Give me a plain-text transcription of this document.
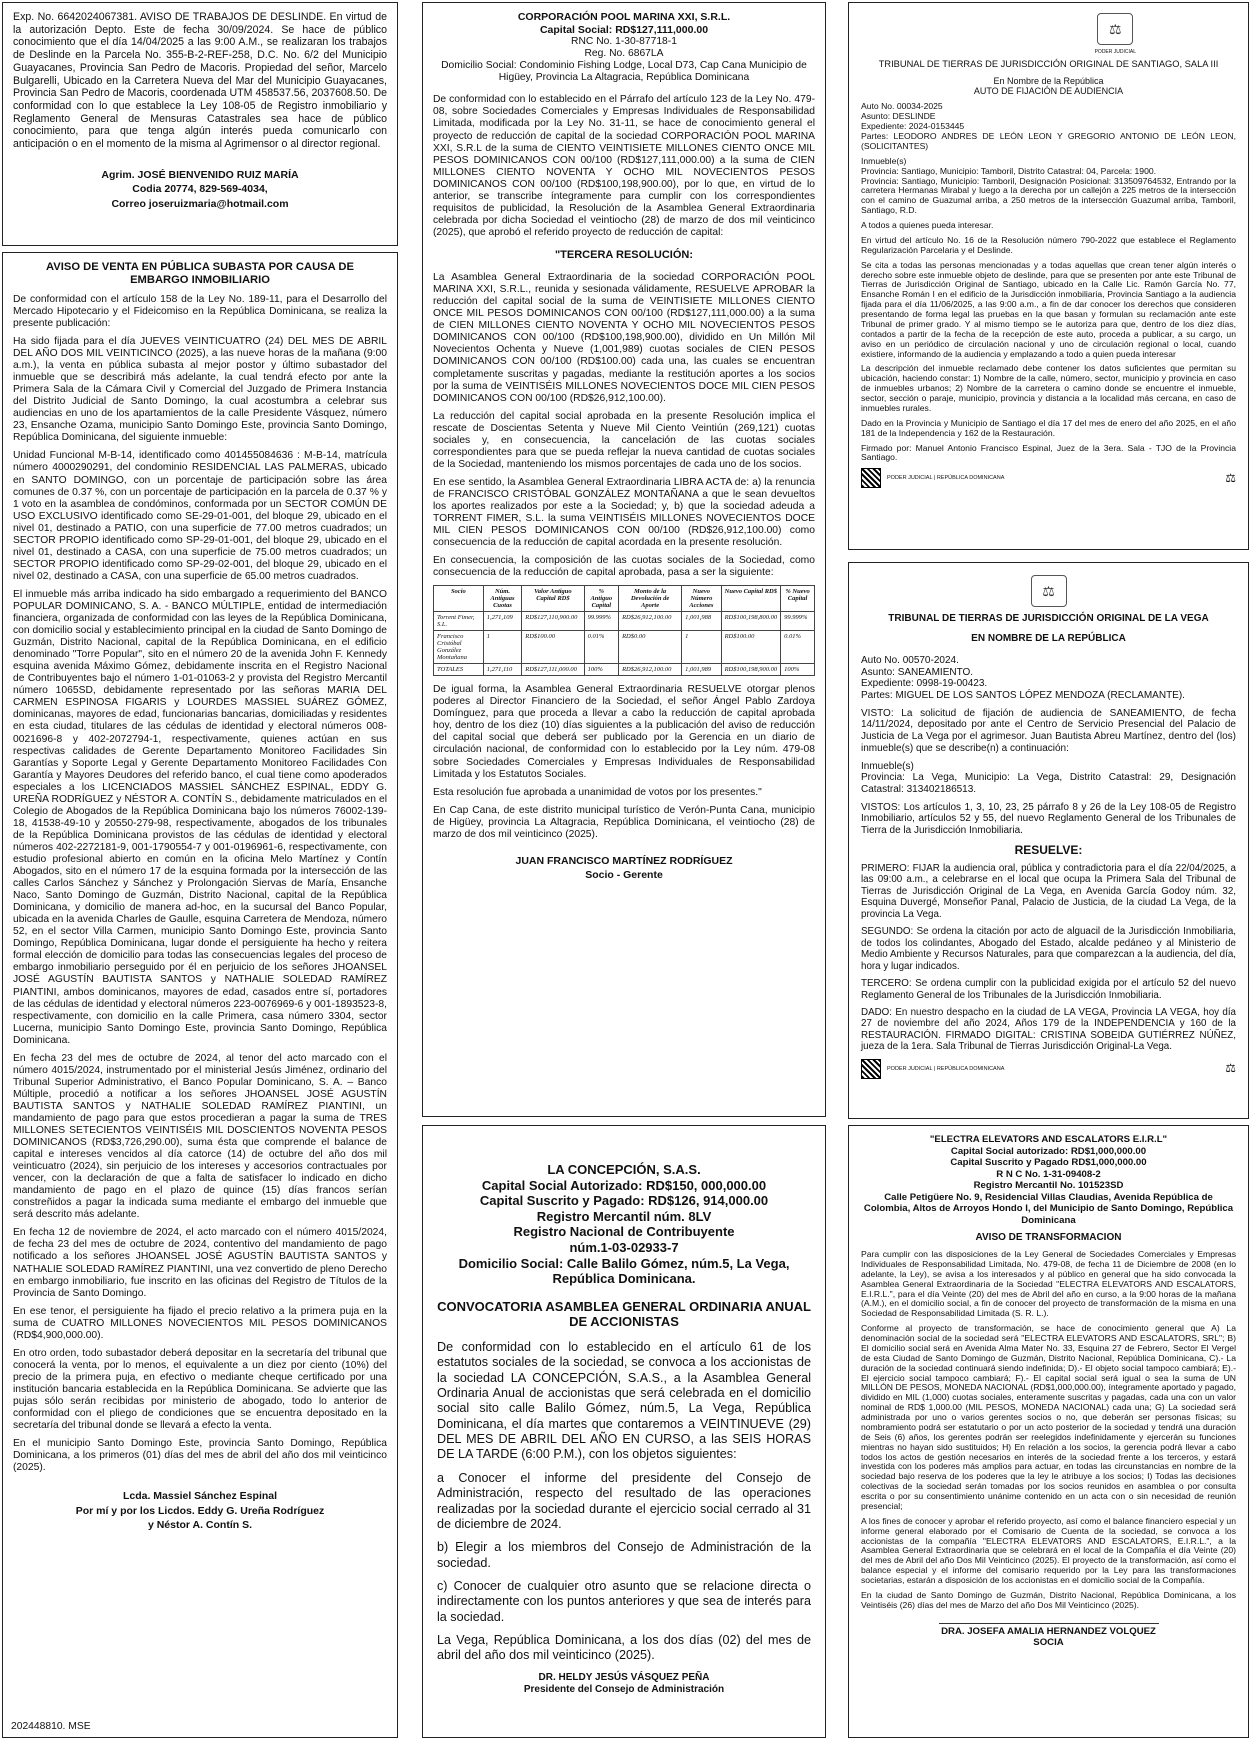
Exp. No. 6642024067381. AVISO DE TRABAJOS DE DESLINDE. En virtud de la autorización Depto. Este de fecha 30/09/2024. Se hace de público conocimiento que el día 14/04/2025 a las 9:00 A.M., se realizaran los trabajos de Deslinde en la Parcela No. 355-B-2-REF-258, D.C. No. 6/2 del Municipio Guayacanes, Provincia San Pedro de Macoris. Propiedad del señor, Marcelo Bulgarelli, Ubicado en la Carretera Nueva del Mar del Municipio Guayacanes, Provincia San Pedro de Macoris, coordenada UTM 458537.56, 2037608.50. De conformidad con lo que establece la Ley 108-05 de Registro inmobiliario y Reglamento General de Mensuras Catastrales sea hace de público conocimiento, para que tenga algún interés pueda comunicarlo con anticipación o en el momento de la misma al Agrimensor o al director regional.

Agrim. JOSÉ BIENVENIDO RUIZ MARÍA

Codia 20774, 829-569-4034,

Correo joseruizmaria@hotmail.com

AVISO DE VENTA EN PÚBLICA SUBASTA POR CAUSA DE EMBARGO INMOBILIARIO

De conformidad con el artículo 158 de la Ley No. 189-11, para el Desarrollo del Mercado Hipotecario y el Fideicomiso en la República Dominicana, se realiza la presente publicación:

Ha sido fijada para el día JUEVES VEINTICUATRO (24) DEL MES DE ABRIL DEL AÑO DOS MIL VEINTICINCO (2025), a las nueve horas de la mañana (9:00 a.m.), la venta en pública subasta al mejor postor y último subastador del inmueble que se describirá más adelante, la cual tendrá efecto por ante la Primera Sala de la Cámara Civil y Comercial del Juzgado de Primera Instancia del Distrito Judicial de Santo Domingo, la cual acostumbra a celebrar sus audiencias en uno de los apartamientos de la calle Presidente Vásquez, número 23, Ensanche Ozama, municipio Santo Domingo Este, provincia Santo Domingo, República Dominicana, del siguiente inmueble:

Unidad Funcional M-B-14, identificado como 401455084636 : M-B-14, matrícula número 4000290291, del condominio RESIDENCIAL LAS PALMERAS, ubicado en SANTO DOMINGO, con un porcentaje de participación sobre las área comunes de 0.37 %, con un porcentaje de participación en la parcela de 0.37 % y 1 voto en la asamblea de condóminos, conformada por un SECTOR COMÚN DE USO EXCLUSIVO identificado como SE-29-01-001, del bloque 29, ubicado en el nivel 01, destinado a PATIO, con una superficie de 77.00 metros cuadrados; un SECTOR PROPIO identificado como SP-29-01-001, del bloque 29, ubicado en el nivel 01, destinado a CASA, con una superficie de 75.00 metros cuadrados; un SECTOR PROPIO identificado como SP-29-02-001, del bloque 29, ubicado en el nivel 02, destinado a CASA, con una superficie de 65.00 metros cuadrados.

El inmueble más arriba indicado ha sido embargado a requerimiento del BANCO POPULAR DOMINICANO, S. A. - BANCO MÚLTIPLE, entidad de intermediación financiera, organizada de conformidad con las leyes de la República Dominicana, con domicilio social y establecimiento principal en la ciudad de Santo Domingo de Guzmán, Distrito Nacional, capital de la República Dominicana, en el edificio denominado "Torre Popular", sito en el número 20 de la avenida John F. Kennedy esquina avenida Máximo Gómez, debidamente inscrita en el Registro Nacional de Contribuyentes bajo el número 1-01-01063-2 y provista del Registro Mercantil número 1065SD, debidamente representado por las señoras MARIA DEL CARMEN ESPINOSA FIGARIS y LOURDES MASSIEL SUÁREZ GÓMEZ, dominicanas, mayores de edad, funcionarias bancarias, domiciliadas y residentes en esta ciudad, titulares de las cédulas de identidad y electoral números 008-0021696-8 y 402-2072794-1, respectivamente, quienes actúan en sus respectivas calidades de Gerente Departamento Monitoreo Facilidades Sin Garantías y Soporte Legal y Gerente Departamento Monitoreo Facilidades Con Garantía y Mayores Deudores del referido banco, el cual tiene como apoderados especiales a los LICENCIADOS MASSIEL SÁNCHEZ ESPINAL, EDDY G. UREÑA RODRÍGUEZ y NÉSTOR A. CONTÍN S., debidamente matriculados en el Colegio de Abogados de la República Dominicana bajo los números 76002-139-18, 41538-49-10 y 20550-279-98, respectivamente, abogados de los tribunales de la República Dominicana provistos de las cédulas de identidad y electoral números 402-2272181-9, 001-1790554-7 y 001-0196961-6, respectivamente, con estudio profesional abierto en común en la oficina Melo Martínez y Contín Abogados, sito en el número 17 de la esquina formada por la intersección de las calles Carlos Sánchez y Sánchez y Prolongación Siervas de María, Ensanche Naco, Santo Domingo de Guzmán, Distrito Nacional, capital de la República Dominicana, y domicilio de manera ad-hoc, en la sucursal del Banco Popular, ubicada en la avenida Charles de Gaulle, esquina Carretera de Mendoza, número 52, en el sector Villa Carmen, municipio Santo Domingo Este, provincia Santo Domingo, República Dominicana, lugar donde el persiguiente ha hecho y reitera formal elección de domicilio para todas las consecuencias legales del proceso de embargo inmobiliario perseguido por él en perjuicio de los señores JHOANSEL JOSÉ AGUSTÍN BAUTISTA SANTOS y NATHALIE SOLEDAD RAMÍREZ PIANTINI, ambos dominicanos, mayores de edad, casados entre sí, portadores de las cédulas de identidad y electoral números 223-0076969-6 y 001-1893523-8, respectivamente, con domicilio en la calle Primera, casa número 3304, sector Lucerna, municipio Santo Domingo Este, provincia Santo Domingo, República Dominicana.

En fecha 23 del mes de octubre de 2024, al tenor del acto marcado con el número 4015/2024, instrumentado por el ministerial Jesús Jiménez, ordinario del Tribunal Superior Administrativo, el Banco Popular Dominicano, S. A. – Banco Múltiple, procedió a notificar a los señores JHOANSEL JOSÉ AGUSTÍN BAUTISTA SANTOS y NATHALIE SOLEDAD RAMÍREZ PIANTINI, un mandamiento de pago para que estos procedieran a pagar la suma de TRES MILLONES SETECIENTOS VEINTISÉIS MIL DOSCIENTOS NOVENTA PESOS DOMINICANOS (RD$3,726,290.00), suma ésta que comprende el balance de capital e intereses vencidos al día catorce (14) de octubre del año dos mil veinticuatro (2024), sin perjuicio de los intereses y accesorios contractuales por vencer, con la declaración de que a falta de satisfacer lo indicado en dicho mandamiento de pago en el plazo de quince (15) días francos serían constreñidos a pagar la indicada suma mediante el embargo del inmueble que será descrito más adelante.

En fecha 12 de noviembre de 2024, el acto marcado con el número 4015/2024, de fecha 23 del mes de octubre de 2024, contentivo del mandamiento de pago notificado a los señores JHOANSEL JOSÉ AGUSTÍN BAUTISTA SANTOS y NATHALIE SOLEDAD RAMÍREZ PIANTINI, una vez convertido de pleno Derecho en embargo inmobiliario, fue inscrito en las oficinas del Registro de Títulos de la Provincia de Santo Domingo.

En ese tenor, el persiguiente ha fijado el precio relativo a la primera puja en la suma de CUATRO MILLONES NOVECIENTOS MIL PESOS DOMINICANOS (RD$4,900,000.00).

En otro orden, todo subastador deberá depositar en la secretaría del tribunal que conocerá la venta, por lo menos, el equivalente a un diez por ciento (10%) del precio de la primera puja, en efectivo o mediante cheque certificado por una institución bancaria establecida en la República Dominicana. Se advierte que las pujas sólo serán recibidas por ministerio de abogado, todo lo anterior de conformidad con el pliego de condiciones que se encuentra depositado en la secretaría del tribunal donde se llevará a efecto la venta.

En el municipio Santo Domingo Este, provincia Santo Domingo, República Dominicana, a los primeros (01) días del mes de abril del año dos mil veinticinco (2025).

Lcda. Massiel Sánchez Espinal

Por mí y por los Licdos. Eddy G. Ureña Rodríguez

y Néstor A. Contín S.

202448810. MSE

CORPORACIÓN POOL MARINA XXI, S.R.L.

Capital Social: RD$127,111,000.00

RNC No. 1-30-87718-1

Reg. No. 6867LA

Domicilio Social: Condominio Fishing Lodge, Local D73, Cap Cana Municipio de Higüey, Provincia La Altagracia, República Dominicana

De conformidad con lo establecido en el Párrafo del artículo 123 de la Ley No. 479-08, sobre Sociedades Comerciales y Empresas Individuales de Responsabilidad Limitada, modificada por la Ley No. 31-11, se hace de conocimiento general el proyecto de reducción de capital de la sociedad CORPORACIÓN POOL MARINA XXI, S.R.L de la suma de CIENTO VEINTISIETE MILLONES CIENTO ONCE MIL PESOS DOMINICANOS CON 00/100 (RD$127,111,000.00) a la suma de CIEN MILLONES CIENTO NOVENTA Y OCHO MIL NOVECIENTOS PESOS DOMINICANOS CON 00/100 (RD$100,198,900.00), por lo que, en virtud de lo anterior, se transcribe íntegramente para cumplir con los correspondientes requisitos de publicidad, la Resolución de la Asamblea General Extraordinaria celebrada por dicha Sociedad el veintiocho (28) de marzo de dos mil veinticinco (2025), que aprobó el referido proyecto de reducción de capital:

"TERCERA RESOLUCIÓN:

La Asamblea General Extraordinaria de la sociedad CORPORACIÓN POOL MARINA XXI, S.R.L., reunida y sesionada válidamente, RESUELVE APROBAR la reducción del capital social de la suma de VEINTISIETE MILLONES CIENTO ONCE MIL PESOS DOMINICANOS CON 00/100 (RD$127,111,000.00) a la suma de CIEN MILLONES CIENTO NOVENTA Y OCHO MIL NOVECIENTOS PESOS DOMINICANOS CON 00/100 (RD$100,198,900.00), dividido en Un Millón Mil Novecientos Ochenta y Nueve (1,001,989) cuotas sociales de CIEN PESOS DOMINICANOS CON 00/100 (RD$100.00) cada una, las cuales se encuentran completamente suscritas y pagadas, mediante la restitución aportes a los socios por la suma de VEINTISÉIS MILLONES NOVECIENTOS DOCE MIL CIEN PESOS DOMINICANOS CON 00/100 (RD$26,912,100.00).

La reducción del capital social aprobada en la presente Resolución implica el rescate de Doscientas Setenta y Nueve Mil Ciento Veintiún (269,121) cuotas sociales y, en consecuencia, la cancelación de las cuotas sociales correspondientes para que se pueda reflejar la nueva cantidad de cuotas sociales de la Sociedad, manteniendo los mismos porcentajes de cada uno de los socios.

En ese sentido, la Asamblea General Extraordinaria LIBRA ACTA de: a) la renuncia de FRANCISCO CRISTÓBAL GONZÁLEZ MONTAÑANA a que le sean devueltos los aportes realizados por este a la Sociedad; y, b) que la sociedad adeuda a TORRENT FIMER, S.L. la suma VEINTISÉIS MILLONES NOVECIENTOS DOCE MIL CIEN PESOS DOMINICANOS CON 00/100 (RD$26,912,100.00) como consecuencia de la reducción de capital acordada en la presente resolución.

En consecuencia, la composición de las cuotas sociales de la Sociedad, como consecuencia de la reducción de capital aprobada, pasa a ser la siguiente:

Socio	Núm. Antiguas Cuotas	Valor Antiguo Capital RD$	% Antiguo Capital	Monto de la Devolución de Aporte	Nuevo Número Acciones	Nuevo Capital RD$	% Nuevo Capital
Torrent Fimer, S.L.	1,271,109	RD$127,110,900.00	99.999%	RD$26,912,100.00	1,001,988	RD$100,198,800.00	99.999%
Francisco Cristóbal González Montañana	1	RD$100.00	0.01%	RD$0.00	1	RD$100.00	0.01%
TOTALES	1,271,110	RD$127,111,000.00	100%	RD$26,912,100.00	1,001,989	RD$100,198,900.00	100%

De igual forma, la Asamblea General Extraordinaria RESUELVE otorgar plenos poderes al Director Financiero de la Sociedad, el señor Ángel Pablo Zardoya Domínguez, para que proceda a llevar a cabo la reducción de capital aprobada hoy, dentro de los diez (10) días siguientes a la publicación del aviso de reducción del capital social que deberá ser publicado por la Gerencia en un diario de circulación nacional, de conformidad con lo establecido por la Ley núm. 479-08 sobre Sociedades Comerciales y Empresas Individuales de Responsabilidad Limitada y los Estatutos Sociales.

Esta resolución fue aprobada a unanimidad de votos por los presentes."

En Cap Cana, de este distrito municipal turístico de Verón-Punta Cana, municipio de Higüey, provincia La Altagracia, República Dominicana, el veintiocho (28) de marzo de dos mil veinticinco (2025).

JUAN FRANCISCO MARTÍNEZ RODRÍGUEZ

Socio - Gerente

LA CONCEPCIÓN, S.A.S.

Capital Social Autorizado: RD$150, 000,000.00

Capital Suscrito y Pagado: RD$126, 914,000.00

Registro Mercantil núm. 8LV

Registro Nacional de Contribuyente

núm.1-03-02933-7

Domicilio Social: Calle Balilo Gómez, núm.5, La Vega, República Dominicana.

CONVOCATORIA ASAMBLEA GENERAL ORDINARIA ANUAL DE ACCIONISTAS

De conformidad con lo establecido en el artículo 61 de los estatutos sociales de la sociedad, se convoca a los accionistas de la sociedad LA CONCEPCIÓN, S.A.S., a la Asamblea General Ordinaria Anual de accionistas que será celebrada en el domicilio social sito calle Balilo Gómez, núm.5, La Vega, República Dominicana, el día martes que contaremos a VEINTINUEVE (29) DEL MES DE ABRIL DEL AÑO EN CURSO, a las SEIS HORAS DE LA TARDE (6:00 P.M.), con los objetos siguientes:

a Conocer el informe del presidente del Consejo de Administración, respecto del resultado de las operaciones realizadas por la sociedad durante el ejercicio social cerrado al 31 de diciembre de 2024.

b) Elegir a los miembros del Consejo de Administración de la sociedad.

c) Conocer de cualquier otro asunto que se relacione directa o indirectamente con los puntos anteriores y que sea de interés para la sociedad.

La Vega, República Dominicana, a los dos días (02) del mes de abril del año dos mil veinticinco (2025).

DR. HELDY JESÚS VÁSQUEZ PEÑA

Presidente del Consejo de Administración

⚖
PODER JUDICIAL

TRIBUNAL DE TIERRAS DE JURISDICCIÓN ORIGINAL DE SANTIAGO, SALA III

En Nombre de la República

AUTO DE FIJACIÓN DE AUDIENCIA

Auto No. 00034-2025
Asunto: DESLINDE
Expediente: 2024-0153445
Partes: LEODORO ANDRES DE LEÓN LEON Y GREGORIO ANTONIO DE LEÓN LEON, (SOLICITANTES)

Inmueble(s)
Provincia: Santiago, Municipio: Tamboril, Distrito Catastral: 04, Parcela: 1900.
Provincia: Santiago, Municipio: Tamboril, Designación Posicional: 313509764532, Entrando por la carretera Hermanas Mirabal y luego a la derecha por un callejón a 225 metros de la intersección con el camino de Guazumal arriba, a 250 metros de la intersección Guazumal arriba, Tamboril, Santiago, R.D.

A todos a quienes pueda interesar.

En virtud del artículo No. 16 de la Resolución número 790-2022 que establece el Reglamento Regularización Parcelaria y el Deslinde.

Se cita a todas las personas mencionadas y a todas aquellas que crean tener algún interés o derecho sobre este inmueble objeto de deslinde, para que se presenten por ante este Tribunal de Tierras de Jurisdicción Original de Santiago, ubicado en la Calle Lic. Ramón García No. 77, Ensanche Román I en el edificio de la Jurisdicción inmobiliaria, Provincia Santiago a la audiencia fijada para el día 11/06/2025, a las 9:00 a.m., a fin de dar conocer los derechos que consideren presentando de forma legal las pruebas en la que basan y formulan su reclamación ante este Tribunal de primer grado. Y al mismo tiempo se le autoriza para que, dentro de los diez días, contados a partir de la fecha de la recepción de este auto, proceda a publicar, a su cargo, un aviso en un periódico de circulación nacional y uno de circulación regional o local, cuando existiere, informando de la audiencia y emplazando a todo a quien pueda interesar

La descripción del inmueble reclamado debe contener los datos suficientes que permitan su ubicación, haciendo constar: 1) Nombre de la calle, número, sector, municipio y provincia en caso de inmuebles urbanos; 2) Nombre de la carretera o camino donde se encuentre el inmueble, sector, sección o paraje, municipio, provincia y distancia a la localidad más cercana, en caso de inmuebles rurales.

Dado en la Provincia y Municipio de Santiago el día 17 del mes de enero del año 2025, en el año 181 de la Independencia y 162 de la Restauración.

Firmado por: Manuel Antonio Francisco Espinal, Juez de la 3era. Sala - TJO de la Provincia Santiago.

PODER JUDICIAL | REPÚBLICA DOMINICANA	⚖
⚖

TRIBUNAL DE TIERRAS DE JURISDICCIÓN ORIGINAL DE LA VEGA

EN NOMBRE DE LA REPÚBLICA

Auto No. 00570-2024.
Asunto: SANEAMIENTO.
Expediente: 0998-19-00423.
Partes: MIGUEL DE LOS SANTOS LÓPEZ MENDOZA (RECLAMANTE).

VISTO: La solicitud de fijación de audiencia de SANEAMIENTO, de fecha 14/11/2024, depositado por ante el Centro de Servicio Presencial del Palacio de Justicia de La Vega por el agrimesor. Juan Bautista Abreu Martínez, dentro del (los) inmueble(s) que se describe(n) a continuación:

Inmueble(s)
Provincia: La Vega, Municipio: La Vega, Distrito Catastral: 29, Designación Catastral: 313402186513.

VISTOS: Los artículos 1, 3, 10, 23, 25 párrafo 8 y 26 de la Ley 108-05 de Registro Inmobiliario, artículos 52 y 55, del nuevo Reglamento General de los Tribunales de Tierra de la Jurisdicción Inmobiliaria.

RESUELVE:

PRIMERO: FIJAR la audiencia oral, pública y contradictoria para el día 22/04/2025, a las 09:00 a.m., a celebrarse en el local que ocupa la Primera Sala del Tribunal de Tierras de Jurisdicción Original de La Vega, en Avenida García Godoy núm. 32, Esquina Duvergé, Monseñor Panal, Palacio de Justicia, de la ciudad La Vega, de la provincia La Vega.

SEGUNDO: Se ordena la citación por acto de alguacil de la Jurisdicción Inmobiliaria, de todos los colindantes, Abogado del Estado, alcalde pedáneo y al Ministerio de Medio Ambiente y Recursos Naturales, para que comparezcan a la audiencia, del día, hora y lugar indicados.

TERCERO: Se ordena cumplir con la publicidad exigida por el artículo 52 del nuevo Reglamento General de los Tribunales de la Jurisdicción Inmobiliaria.

DADO: En nuestro despacho en la ciudad de LA VEGA, Provincia LA VEGA, hoy día 27 de noviembre del año 2024, Años 179 de la INDEPENDENCIA y 160 de la RESTAURACIÓN. FIRMADO DIGITAL: CRISTINA SOBEIDA GUTIÉRREZ NÚÑEZ, jueza de la 1era. Sala Tribunal de Tierras Jurisdicción Original-La Vega.

PODER JUDICIAL | REPÚBLICA DOMINICANA	⚖

"ELECTRA ELEVATORS AND ESCALATORS E.I.R.L"

Capital Social autorizado: RD$1,000,000.00

Capital Suscrito y Pagado RD$1,000,000.00

R N C No. 1-31-09408-2

Registro Mercantil No. 101523SD

Calle Petigüere No. 9, Residencial Villas Claudias, Avenida República de Colombia, Altos de Arroyos Hondo I, del Municipio de Santo Domingo, República Dominicana

AVISO DE TRANSFORMACION

Para cumplir con las disposiciones de la Ley General de Sociedades Comerciales y Empresas Individuales de Responsabilidad Limitada, No. 479-08, de fecha 11 de Diciembre de 2008 (en lo adelante, la Ley), se avisa a los interesados y al público en general que ha sido convocada la Asamblea General Extraordinaria de la Sociedad "ELECTRA ELEVATORS AND ESCALATORS, E.I.R.L.", para el día Veinte (20) del mes de Abril del año en curso, a la 9:00 horas de la mañana (A.M.), en el domicilio social, a fin de conocer del proyecto de transformación de la misma en una Sociedad de Responsabilidad Limitada (S. R. L.).

Conforme al proyecto de transformación, se hace de conocimiento general que A) La denominación social de la sociedad será "ELECTRA ELEVATORS AND ESCALATORS, SRL"; B) El domicilio social será en Avenida Alma Mater No. 33, Esquina 27 de Febrero, Sector El Vergel de esta Ciudad de Santo Domingo de Guzmán, Distrito Nacional, República Dominicana, C).- La duración de la sociedad continuará siendo indefinida; D).- El objeto social tampoco cambiará; E).-El ejercicio social tampoco cambiará; F).- El capital social será igual o sea la suma de UN MILLÓN DE PESOS, MONEDA NACIONAL (RD$1,000,000.00), íntegramente aportado y pagado, dividido en MIL (1,000) cuotas sociales, enteramente suscritas y pagadas, cada una con un valor nominal de RD$ 1,000.00 (MIL PESOS, MONEDA NACIONAL) cada una; G) La sociedad será administrada por uno o varios gerentes socios o no, que deberán ser personas físicas; su nombramiento podrá ser estatutario o por un acto posterior de la sociedad y tendrá una duración de Seis (6) años, los gerentes podrán ser reelegidos indefinidamente y ejercerán su funciones mientras no hayan sido sustituidos; H) En relación a los socios, la gerencia podrá llevar a cabo todos los actos de gestión necesarios en interés de la sociedad frente a los terceros, y estará investida con los poderes más amplios para actuar, en todas las circunstancias en nombre de la sociedad bajo reserva de los poderes que la ley le atribuye a los socios; I) Todas las decisiones colectivas de la sociedad serán tomadas por los socios reunidos en asamblea o por consulta escrita o por su consentimiento unánime contenido en un acta con o sin necesidad de reunión presencial;

A los fines de conocer y aprobar el referido proyecto, así como el balance financiero especial y un informe general elaborado por el Comisario de Cuenta de la sociedad, se convoca a los accionistas de la compañía "ELECTRA ELEVATORS AND ESCALATORS, E.I.R.L.", a la Asamblea General Extraordinaria que se celebrará en el local de la Compañía el día Veinte (20) del mes de Abril del año Dos Mil Veinticinco (2025). El proyecto de la transformación, así como el balance especial y el informe del comisario requerido por la Ley para las transformaciones societarias, estarán a disposición de los accionistas en el domicilio social de la Compañía.

En la ciudad de Santo Domingo de Guzmán, Distrito Nacional, República Dominicana, a los Veintiséis (26) días del mes de Marzo del año Dos Mil Veinticinco (2025).

DRA. JOSEFA AMALIA HERNANDEZ VOLQUEZ

SOCIA
